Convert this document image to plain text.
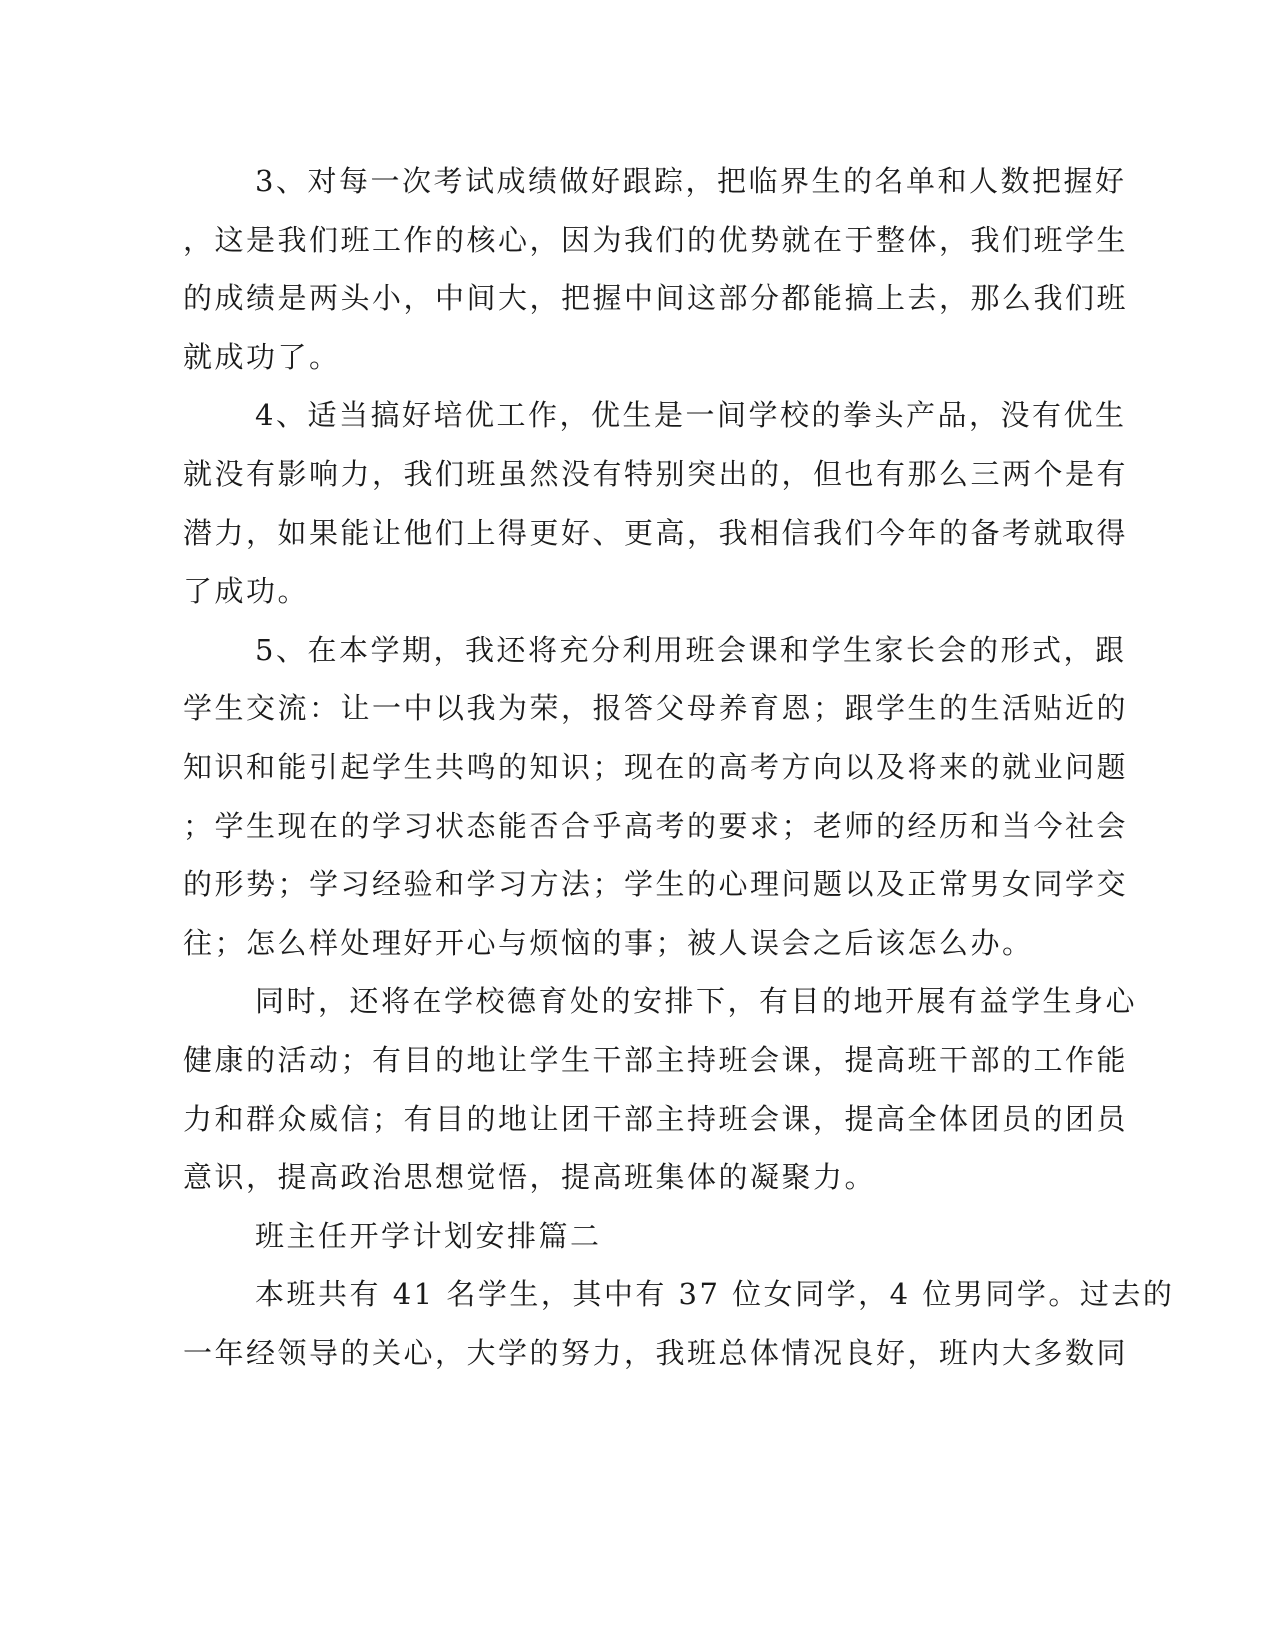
3、对每一次考试成绩做好跟踪，把临界生的名单和人数把握好
，这是我们班工作的核心，因为我们的优势就在于整体，我们班学生
的成绩是两头小，中间大，把握中间这部分都能搞上去，那么我们班
就成功了。
4、适当搞好培优工作，优生是一间学校的拳头产品，没有优生
就没有影响力，我们班虽然没有特别突出的，但也有那么三两个是有
潜力，如果能让他们上得更好、更高，我相信我们今年的备考就取得
了成功。
5、在本学期，我还将充分利用班会课和学生家长会的形式，跟
学生交流：让一中以我为荣，报答父母养育恩；跟学生的生活贴近的
知识和能引起学生共鸣的知识；现在的高考方向以及将来的就业问题
；学生现在的学习状态能否合乎高考的要求；老师的经历和当今社会
的形势；学习经验和学习方法；学生的心理问题以及正常男女同学交
往；怎么样处理好开心与烦恼的事；被人误会之后该怎么办。
同时，还将在学校德育处的安排下，有目的地开展有益学生身心
健康的活动；有目的地让学生干部主持班会课，提高班干部的工作能
力和群众威信；有目的地让团干部主持班会课，提高全体团员的团员
意识，提高政治思想觉悟，提高班集体的凝聚力。
班主任开学计划安排篇二
本班共有 41 名学生，其中有 37 位女同学，4 位男同学。过去的
一年经领导的关心，大学的努力，我班总体情况良好，班内大多数同
